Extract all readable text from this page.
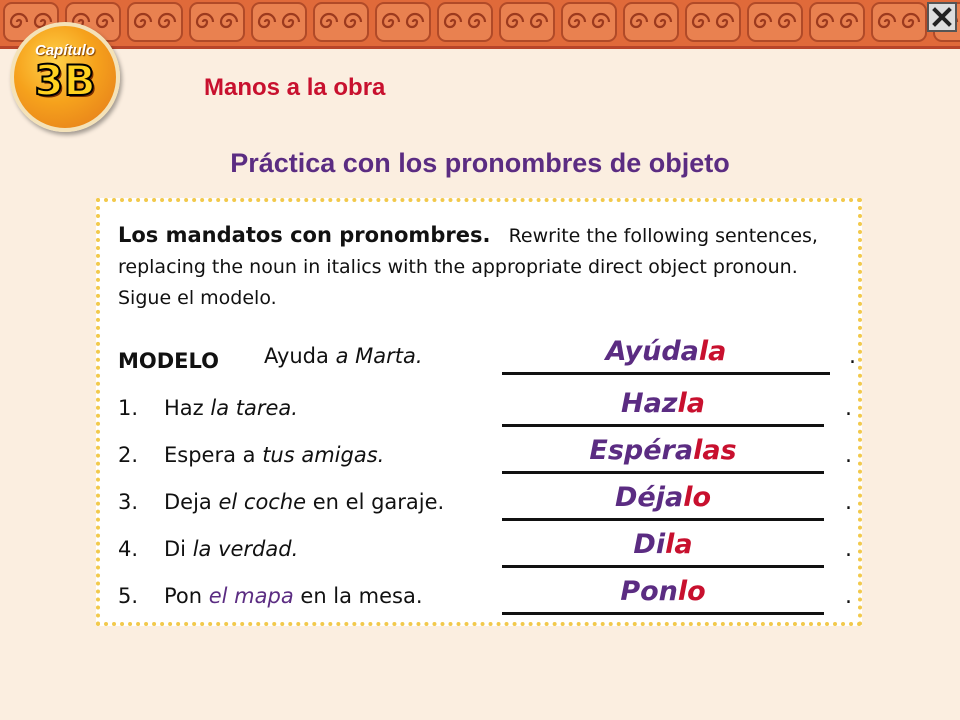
Capítulo
3B	Manos a la obra
Práctica con los pronombres de objeto
Los mandatos con pronombres. Rewrite the following sentences, replacing the noun in italics with the appropriate direct object pronoun. Sigue el modelo.
MODELO Ayuda a Marta.	Ayúdala	.
1. Haz la tarea.	Hazla	.
2. Espera a tus amigas.	Espéralas	.
3. Deja el coche en el garaje.	Déjalo	.
4. Di la verdad.	Dila	.
5. Pon el mapa en la mesa.	Ponlo	.
